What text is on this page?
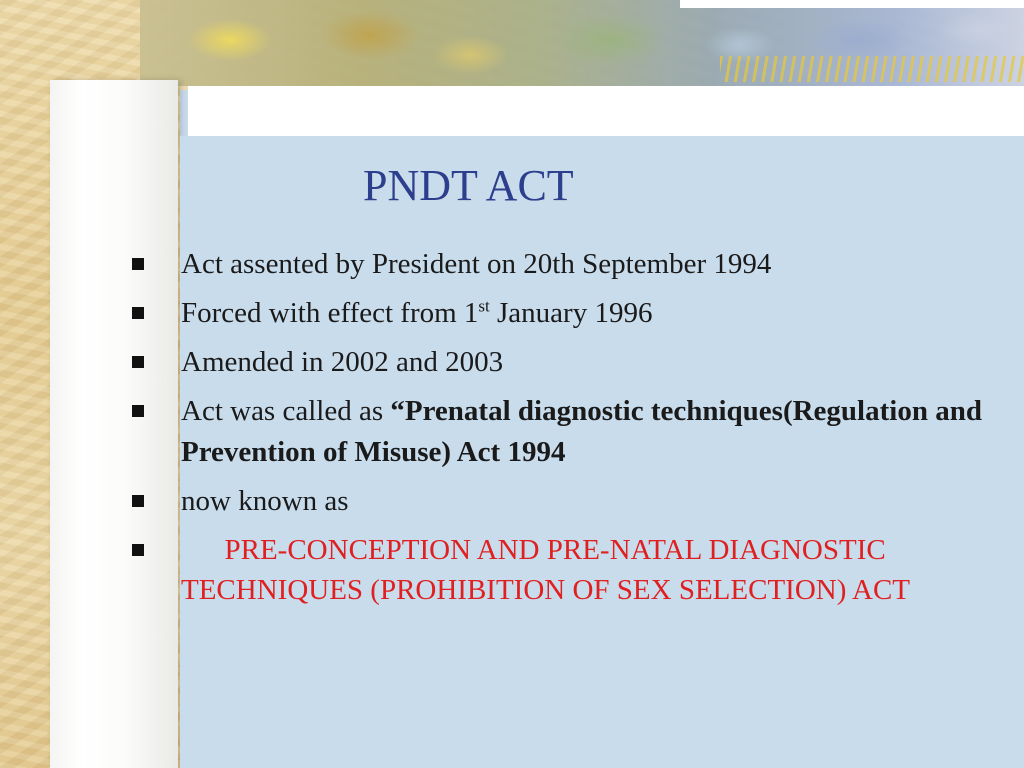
PNDT ACT
Act assented by President on 20th September 1994
Forced with effect from 1st January 1996
Amended in 2002 and 2003
Act was called as “Prenatal diagnostic techniques(Regulation and Prevention of Misuse) Act 1994
now known as
PRE-CONCEPTION AND PRE-NATAL DIAGNOSTIC TECHNIQUES (PROHIBITION OF SEX SELECTION) ACT
